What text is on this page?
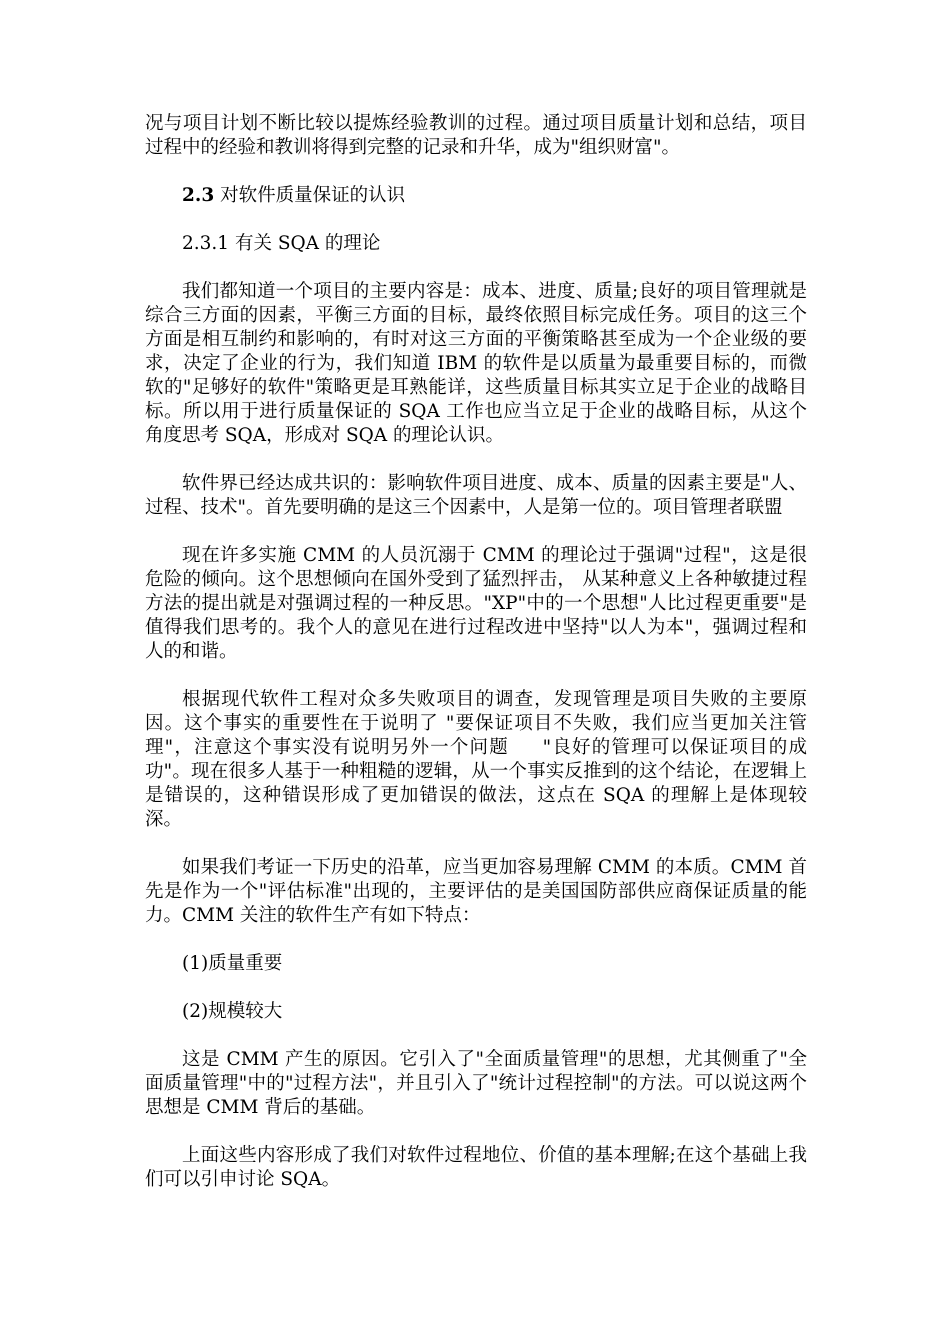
况与项目计划不断比较以提炼经验教训的过程。通过项目质量计划和总结，项目过程中的经验和教训将得到完整的记录和升华，成为"组织财富"。

2.3 对软件质量保证的认识

2.3.1 有关 SQA 的理论

我们都知道一个项目的主要内容是：成本、进度、质量;良好的项目管理就是综合三方面的因素，平衡三方面的目标，最终依照目标完成任务。项目的这三个方面是相互制约和影响的，有时对这三方面的平衡策略甚至成为一个企业级的要求，决定了企业的行为，我们知道 IBM 的软件是以质量为最重要目标的，而微软的"足够好的软件"策略更是耳熟能详，这些质量目标其实立足于企业的战略目标。所以用于进行质量保证的 SQA 工作也应当立足于企业的战略目标，从这个角度思考 SQA，形成对 SQA 的理论认识。

软件界已经达成共识的：影响软件项目进度、成本、质量的因素主要是"人、过程、技术"。首先要明确的是这三个因素中，人是第一位的。项目管理者联盟

现在许多实施 CMM 的人员沉溺于 CMM 的理论过于强调"过程"，这是很危险的倾向。这个思想倾向在国外受到了猛烈抨击， 从某种意义上各种敏捷过程方法的提出就是对强调过程的一种反思。"XP"中的一个思想"人比过程更重要"是值得我们思考的。我个人的意见在进行过程改进中坚持"以人为本"，强调过程和人的和谐。

根据现代软件工程对众多失败项目的调查，发现管理是项目失败的主要原因。这个事实的重要性在于说明了 "要保证项目不失败，我们应当更加关注管理"，注意这个事实没有说明另外一个问题　  "良好的管理可以保证项目的成功"。现在很多人基于一种粗糙的逻辑，从一个事实反推到的这个结论，在逻辑上是错误的，这种错误形成了更加错误的做法，这点在 SQA 的理解上是体现较深。

如果我们考证一下历史的沿革，应当更加容易理解 CMM 的本质。CMM 首先是作为一个"评估标准"出现的，主要评估的是美国国防部供应商保证质量的能力。CMM 关注的软件生产有如下特点：

(1)质量重要

(2)规模较大

这是 CMM 产生的原因。它引入了"全面质量管理"的思想，尤其侧重了"全面质量管理"中的"过程方法"，并且引入了"统计过程控制"的方法。可以说这两个思想是 CMM 背后的基础。

上面这些内容形成了我们对软件过程地位、价值的基本理解;在这个基础上我们可以引申讨论 SQA。
